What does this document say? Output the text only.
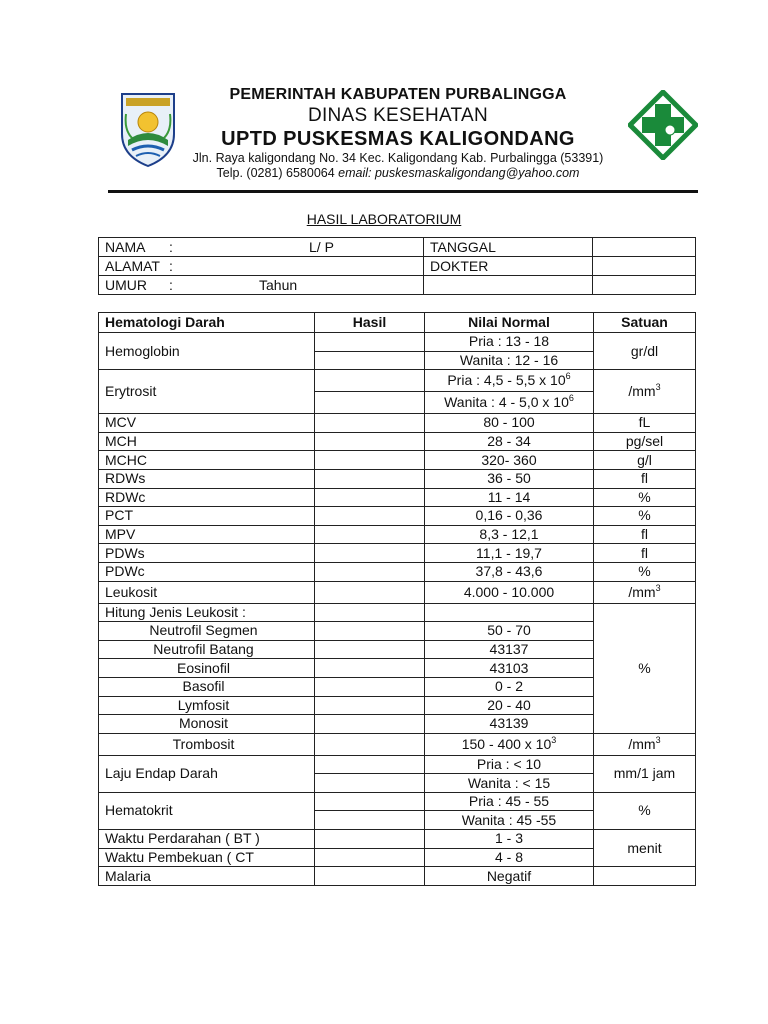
PEMERINTAH KABUPATEN PURBALINGGA
DINAS KESEHATAN
UPTD PUSKESMAS KALIGONDANG
Jln. Raya kaligondang No. 34 Kec. Kaligondang Kab. Purbalingga (53391)
Telp. (0281) 6580064 email: puskesmaskaligondang@yahoo.com
HASIL LABORATORIUM
NAMA : L/ P	TANGGAL	
ALAMAT :	DOKTER	
UMUR : Tahun		

Hematologi Darah	Hasil	Nilai Normal	Satuan
Hemoglobin		Pria : 13 - 18	gr/dl
		Wanita : 12 - 16	
Erytrosit		Pria : 4,5 - 5,5 x $10^6$	$/mm^3$
		Wanita : 4 - 5,0 x $10^6$
MCV		80 - 100	fL
MCH		28 - 34	pg/sel
MCHC		320- 360	g/l
RDWs		36 - 50	fl
RDWc		11 - 14	%
PCT		0,16 - 0,36	%
MPV		8,3 - 12,1	fl
PDWs		11,1 - 19,7	fl
PDWc		37,8 - 43,6	%
Leukosit		4.000 - 10.000	$/mm^3$
Hitung Jenis Leukosit :			%
Neutrofil Segmen		50 - 70	
Neutrofil Batang		43137	
Eosinofil		43103	
Basofil		0 - 2	
Lymfosit		20 - 40	
Monosit		43139	
Trombosit		150 - 400 x $10^3$	$/mm^3$
Laju Endap Darah		Pria : < 10	mm/1 jam
		Wanita : < 15	
Hematokrit		Pria : 45 - 55	%
		Wanita : 45 -55	
Waktu Perdarahan ( BT )		1 - 3	menit
Waktu Pembekuan ( CT		4 - 8	
Malaria		Negatif	
